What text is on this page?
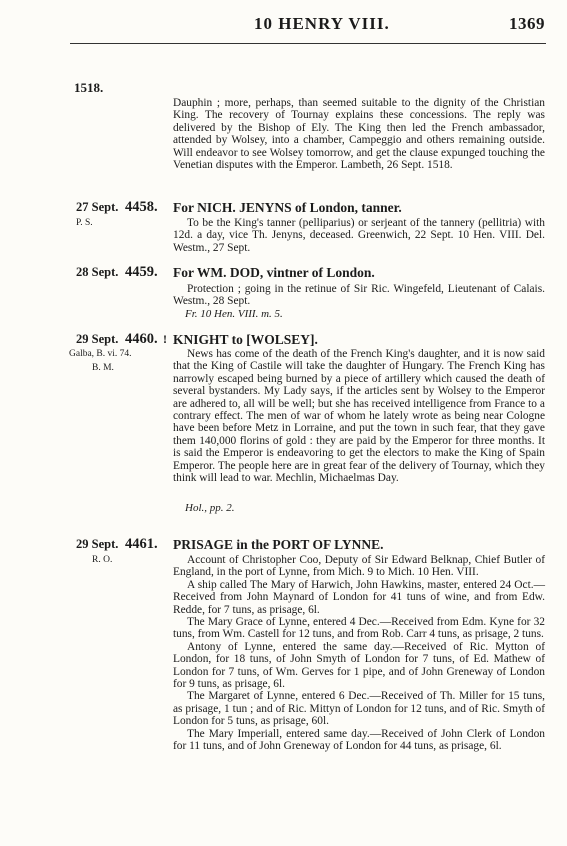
10 HENRY VIII.	1369
1518.

Dauphin ; more, perhaps, than seemed suitable to the dignity of the Christian King. The recovery of Tournay explains these concessions. The reply was delivered by the Bishop of Ely. The King then led the French ambassador, attended by Wolsey, into a chamber, Campeggio and others remaining outside. Will endeavor to see Wolsey tomorrow, and get the clause expunged touching the Venetian disputes with the Emperor. Lambeth, 26 Sept. 1518.

27 Sept. 4458. For NICH. JENYNS of London, tanner.
P. S.	To be the King's tanner (pelliparius) or serjeant of the tannery (pellitria) with 12d. a day, vice Th. Jenyns, deceased. Greenwich, 22 Sept. 10 Hen. VIII. Del. Westm., 27 Sept.

28 Sept. 4459. For WM. DOD, vintner of London.

Protection ; going in the retinue of Sir Ric. Wingefeld, Lieutenant of Calais. Westm., 28 Sept.

Fr. 10 Hen. VIII. m. 5.
29 Sept. 4460. ! KNIGHT to [WOLSEY].
Galba, B. vi. 74.
B. M.

News has come of the death of the French King's daughter, and it is now said that the King of Castile will take the daughter of Hungary. The French King has narrowly escaped being burned by a piece of artillery which caused the death of several bystanders. My Lady says, if the articles sent by Wolsey to the Emperor are adhered to, all will be well; but she has received intelligence from France to a contrary effect. The men of war of whom he lately wrote as being near Cologne have been before Metz in Lorraine, and put the town in such fear, that they gave them 140,000 florins of gold : they are paid by the Emperor for three months. It is said the Emperor is endeavoring to get the electors to make the King of Spain Emperor. The people here are in great fear of the delivery of Tournay, which they think will lead to war. Mechlin, Michaelmas Day.

Hol., pp. 2.
29 Sept. 4461. PRISAGE in the PORT OF LYNNE.
R. O.	Account of Christopher Coo, Deputy of Sir Edward Belknap, Chief Butler of England, in the port of Lynne, from Mich. 9 to Mich. 10 Hen. VIII.

A ship called The Mary of Harwich, John Hawkins, master, entered 24 Oct.—Received from John Maynard of London for 41 tuns of wine, and from Edw. Redde, for 7 tuns, as prisage, 6l.

The Mary Grace of Lynne, entered 4 Dec.—Received from Edm. Kyne for 32 tuns, from Wm. Castell for 12 tuns, and from Rob. Carr 4 tuns, as prisage, 2 tuns.

Antony of Lynne, entered the same day.—Received of Ric. Mytton of London, for 18 tuns, of John Smyth of London for 7 tuns, of Ed. Mathew of London for 7 tuns, of Wm. Gerves for 1 pipe, and of John Greneway of London for 9 tuns, as prisage, 6l.

The Margaret of Lynne, entered 6 Dec.—Received of Th. Miller for 15 tuns, as prisage, 1 tun ; and of Ric. Mittyn of London for 12 tuns, and of Ric. Smyth of London for 5 tuns, as prisage, 60l.

The Mary Imperiall, entered same day.—Received of John Clerk of London for 11 tuns, and of John Greneway of London for 44 tuns, as prisage, 6l.
